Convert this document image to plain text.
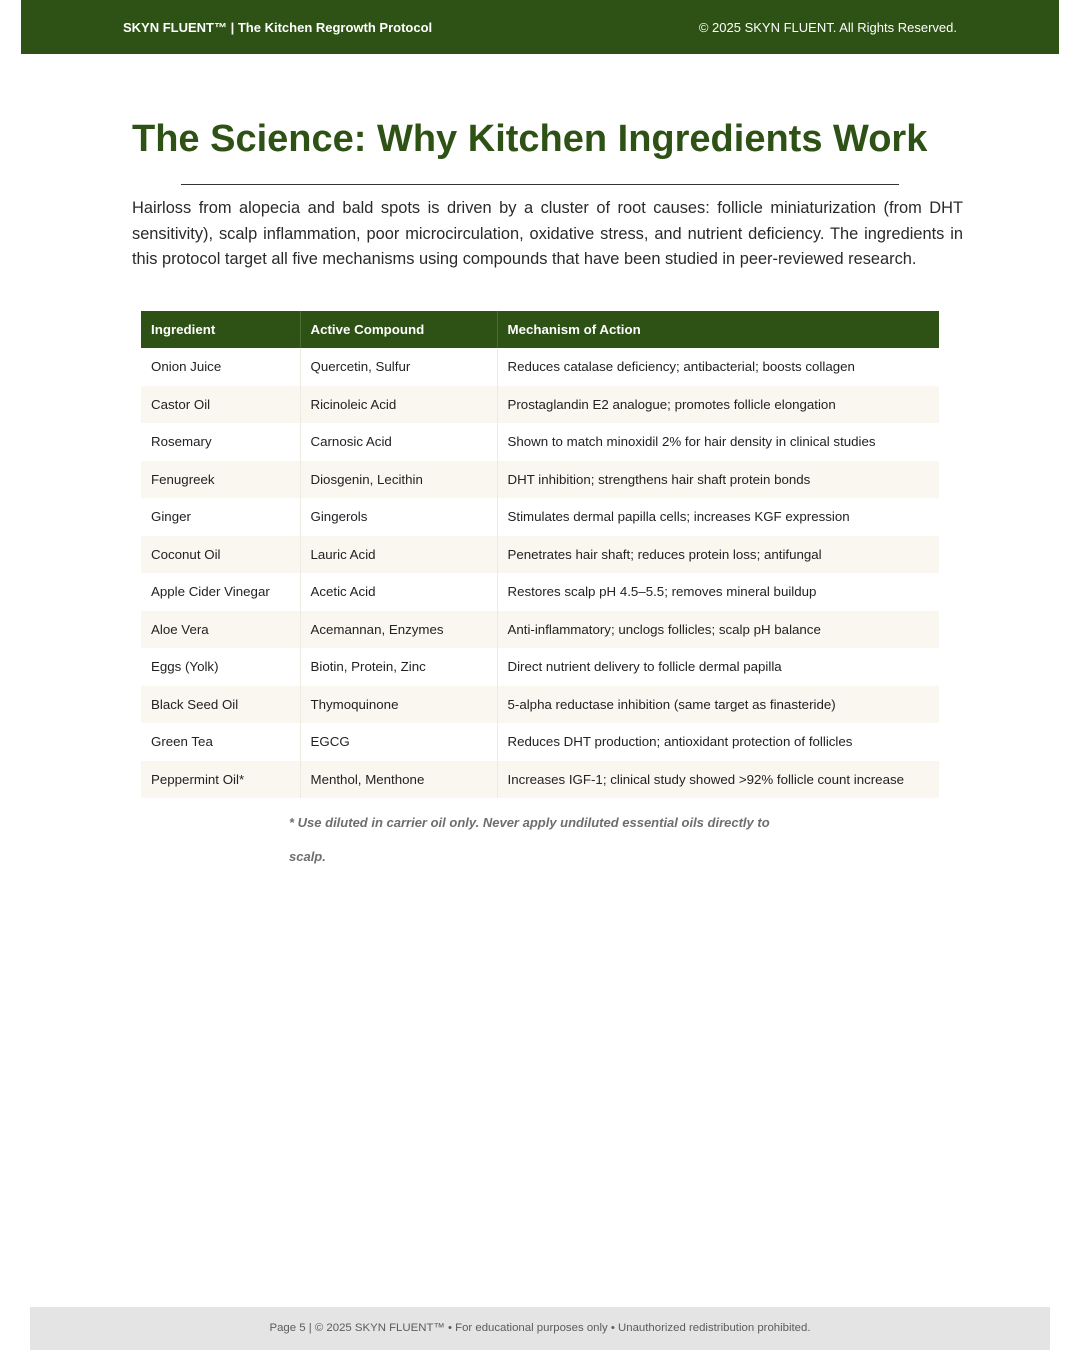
SKYN FLUENT™ | The Kitchen Regrowth Protocol	© 2025 SKYN FLUENT. All Rights Reserved.
The Science: Why Kitchen Ingredients Work

Hairloss from alopecia and bald spots is driven by a cluster of root causes: follicle miniaturization (from DHT sensitivity), scalp inflammation, poor microcirculation, oxidative stress, and nutrient deficiency. The ingredients in this protocol target all five mechanisms using compounds that have been studied in peer-reviewed research.

Ingredient	Active Compound	Mechanism of Action
Onion Juice	Quercetin, Sulfur	Reduces catalase deficiency; antibacterial; boosts collagen
Castor Oil	Ricinoleic Acid	Prostaglandin E2 analogue; promotes follicle elongation
Rosemary	Carnosic Acid	Shown to match minoxidil 2% for hair density in clinical studies
Fenugreek	Diosgenin, Lecithin	DHT inhibition; strengthens hair shaft protein bonds
Ginger	Gingerols	Stimulates dermal papilla cells; increases KGF expression
Coconut Oil	Lauric Acid	Penetrates hair shaft; reduces protein loss; antifungal
Apple Cider Vinegar	Acetic Acid	Restores scalp pH 4.5–5.5; removes mineral buildup
Aloe Vera	Acemannan, Enzymes	Anti-inflammatory; unclogs follicles; scalp pH balance
Eggs (Yolk)	Biotin, Protein, Zinc	Direct nutrient delivery to follicle dermal papilla
Black Seed Oil	Thymoquinone	5-alpha reductase inhibition (same target as finasteride)
Green Tea	EGCG	Reduces DHT production; antioxidant protection of follicles
Peppermint Oil*	Menthol, Menthone	Increases IGF-1; clinical study showed >92% follicle count increase

* Use diluted in carrier oil only. Never apply undiluted essential oils directly to scalp.

Page 5 | © 2025 SKYN FLUENT™ • For educational purposes only • Unauthorized redistribution prohibited.
